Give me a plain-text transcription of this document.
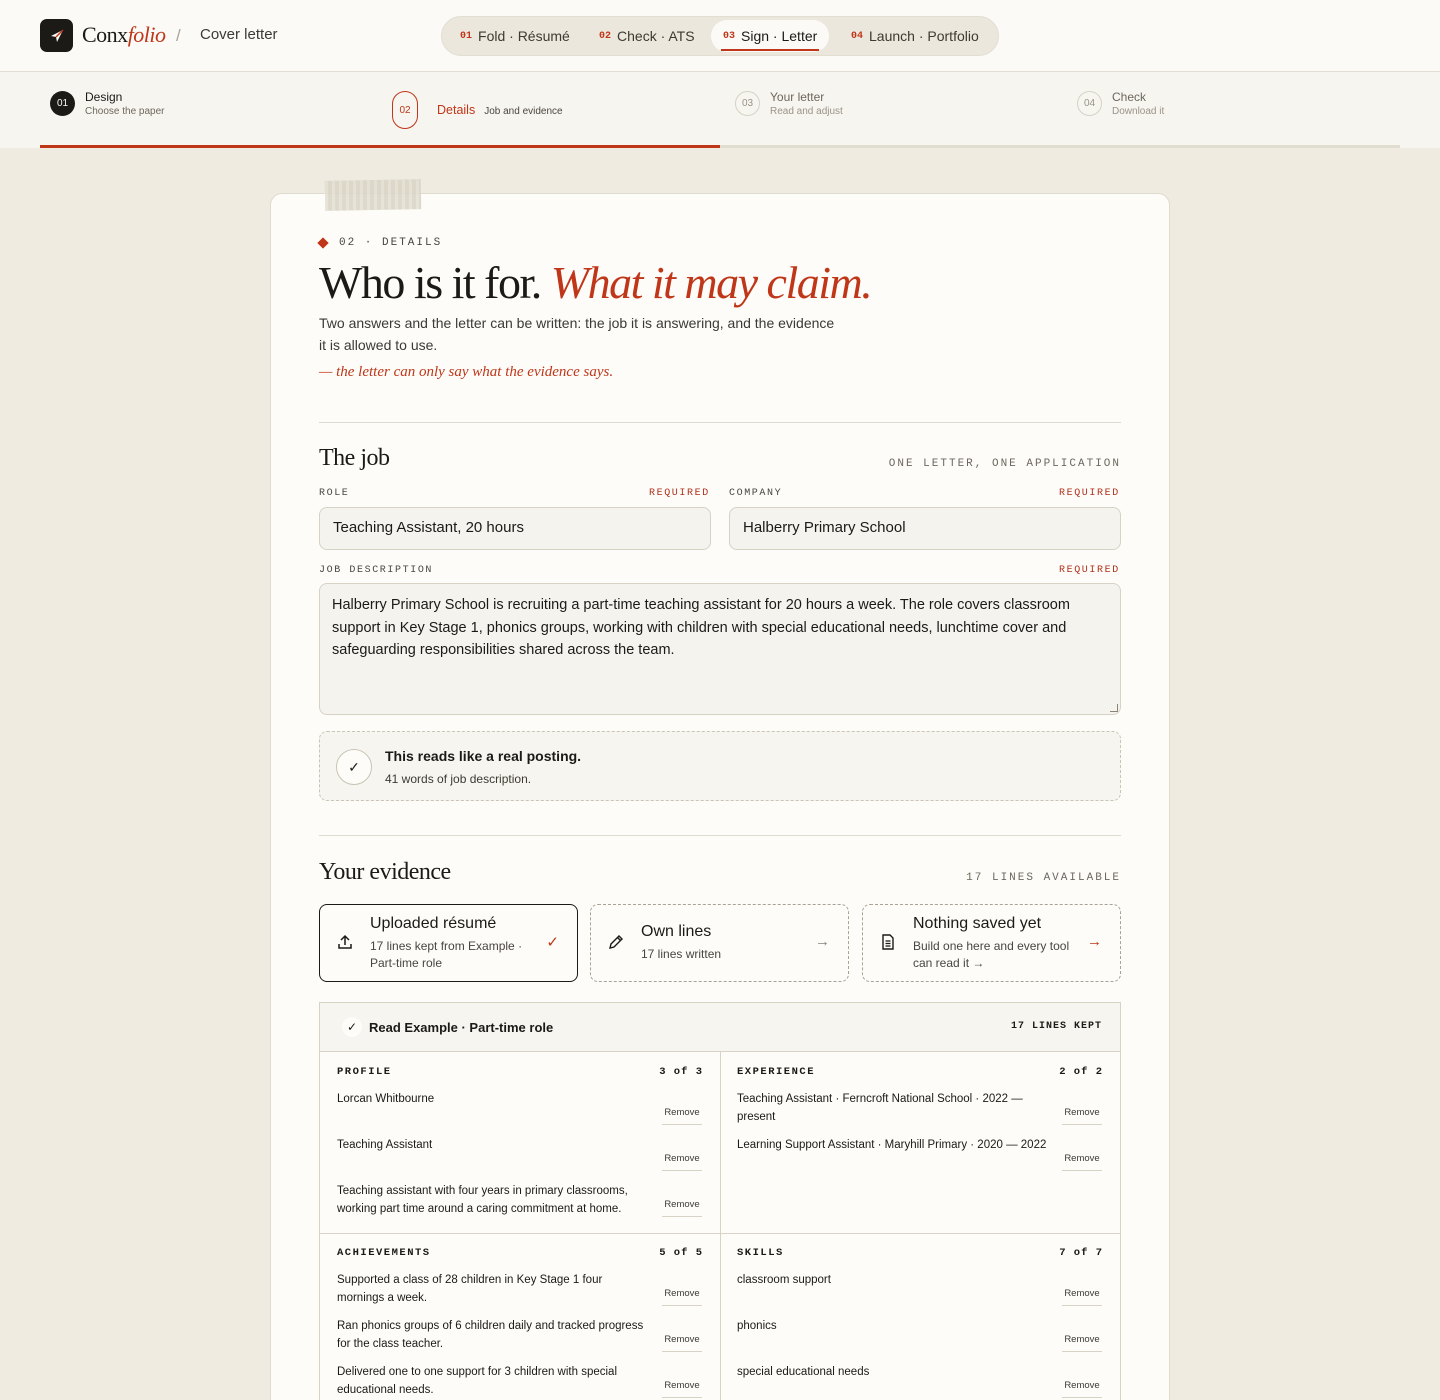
Conxfolio / Cover letter	01 Fold · Résumé	02 Check · ATS	03 Sign · Letter	04 Launch · Portfolio
01	Design
Choose the paper	02	Details Job and evidence
03	Your letter
Read and adjust
04	Check
Download it
02 · DETAILS
Who is it for. What it may claim.
Two answers and the letter can be written: the job it is answering, and the evidence it is allowed to use.
— the letter can only say what the evidence says.
The job	ONE LETTER, ONE APPLICATION
ROLE	REQUIRED
Teaching Assistant, 20 hours
COMPANY	REQUIRED
Halberry Primary School
JOB DESCRIPTION	REQUIRED
Halberry Primary School is recruiting a part-time teaching assistant for 20 hours a week. The role covers classroom support in Key Stage 1, phonics groups, working with children with special educational needs, lunchtime cover and safeguarding responsibilities shared across the team.
✓
This reads like a real posting.
41 words of job description.
Your evidence	17 LINES AVAILABLE
Uploaded résumé
17 lines kept from Example · Part-time role
✓
Own lines
17 lines written
→
Nothing saved yet
Build one here and every tool can read it →
→
✓ Read Example · Part-time role	17 LINES KEPT
PROFILE	3 of 3
Lorcan Whitbourne
Remove
Teaching Assistant
Remove
Teaching assistant with four years in primary classrooms, working part time around a caring commitment at home.	Remove
EXPERIENCE	2 of 2
Teaching Assistant · Ferncroft National School · 2022 — present	Remove
Learning Support Assistant · Maryhill Primary · 2020 — 2022
Remove
ACHIEVEMENTS	5 of 5
Supported a class of 28 children in Key Stage 1 four mornings a week.	Remove
Ran phonics groups of 6 children daily and tracked progress for the class teacher.	Remove
Delivered one to one support for 3 children with special educational needs.	Remove
SKILLS	7 of 7
classroom support
Remove
phonics
Remove
special educational needs
Remove
